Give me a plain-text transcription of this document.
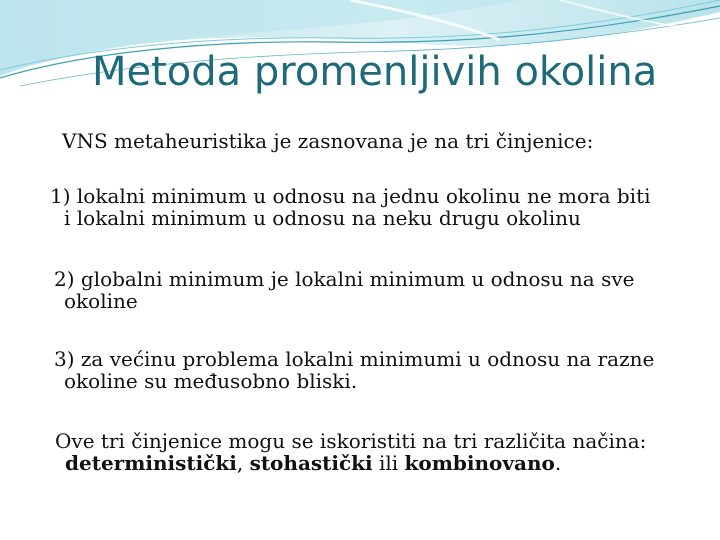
Metoda promenljivih okolina
VNS metaheuristika je zasnovana je na tri činjenice:
1) lokalni minimum u odnosu na jednu okolinu ne mora biti
i lokalni minimum u odnosu na neku drugu okolinu
2) globalni minimum je lokalni minimum u odnosu na sve
okoline
3) za većinu problema lokalni minimumi u odnosu na razne
okoline su međusobno bliski.
Ove tri činjenice mogu se iskoristiti na tri različita načina:
deterministički, stohastički ili kombinovano.
